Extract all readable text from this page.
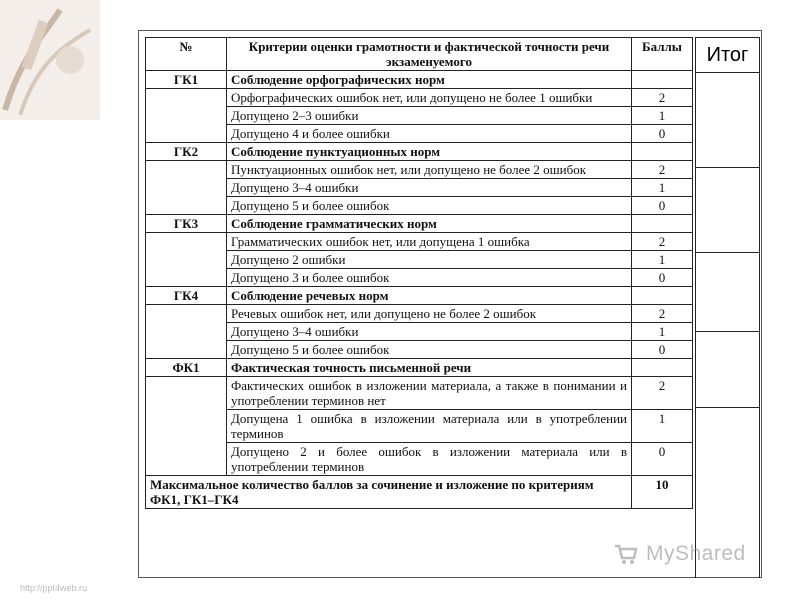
№	Критерии оценки грамотности и фактической точности речи экзаменуемого	Баллы
ГК1	Соблюдение орфографических норм	
	Орфографических ошибок нет, или допущено не более 1 ошибки	2
	Допущено 2–3 ошибки	1
	Допущено 4 и более ошибки	0
ГК2	Соблюдение пунктуационных норм	
	Пунктуационных ошибок нет, или допущено не более 2 ошибок	2
	Допущено 3–4 ошибки	1
	Допущено 5 и более ошибок	0
ГК3	Соблюдение грамматических норм	
	Грамматических ошибок нет, или допущена 1 ошибка	2
	Допущено 2 ошибки	1
	Допущено 3 и более ошибок	0
ГК4	Соблюдение речевых норм	
	Речевых ошибок нет, или допущено не более 2 ошибок	2
	Допущено 3–4 ошибки	1
	Допущено 5 и более ошибок	0
ФК1	Фактическая точность письменной речи	
	Фактических ошибок в изложении материала, а также в понимании и употреблении терминов нет	2
	Допущена 1 ошибка в изложении материала или в употреблении терминов	1
	Допущено 2 и более ошибок в изложении материала или в употреблении терминов	0
Максимальное количество баллов за сочинение и изложение по критериям ФК1, ГК1–ГК4		10
Итог
MyShared
http://ppt4web.ru
